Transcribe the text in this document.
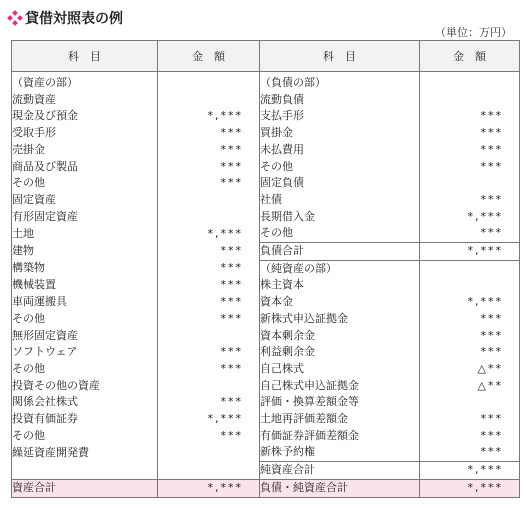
貸借対照表の例
（単位：万円）
科　目	金　額	科　目	金　額
（資産の部）		（負債の部）	
流動資産		流動負債	
現金及び預金	*,***	支払手形	***
受取手形	***	買掛金	***
売掛金	***	未払費用	***
商品及び製品	***	その他	***
その他	***	固定負債	
固定資産		社債	***
有形固定資産		長期借入金	*,***
土地	*,***	その他	***
建物	***	負債合計	*,***
構築物	***	（純資産の部）	
機械装置	***	株主資本	
車両運搬具	***	資本金	*,***
その他	***	新株式申込証拠金	***
無形固定資産		資本剰余金	***
ソフトウェア	***	利益剰余金	***
その他	***	自己株式	△**
投資その他の資産		自己株式申込証拠金	△**
関係会社株式	***	評価・換算差額金等	
投資有価証券	*,***	土地再評価差額金	***
その他	***	有価証券評価差額金	***
繰延資産開発費		新株予約権	***
		純資産合計	*,***
資産合計	*,***	負債・純資産合計	*,***
